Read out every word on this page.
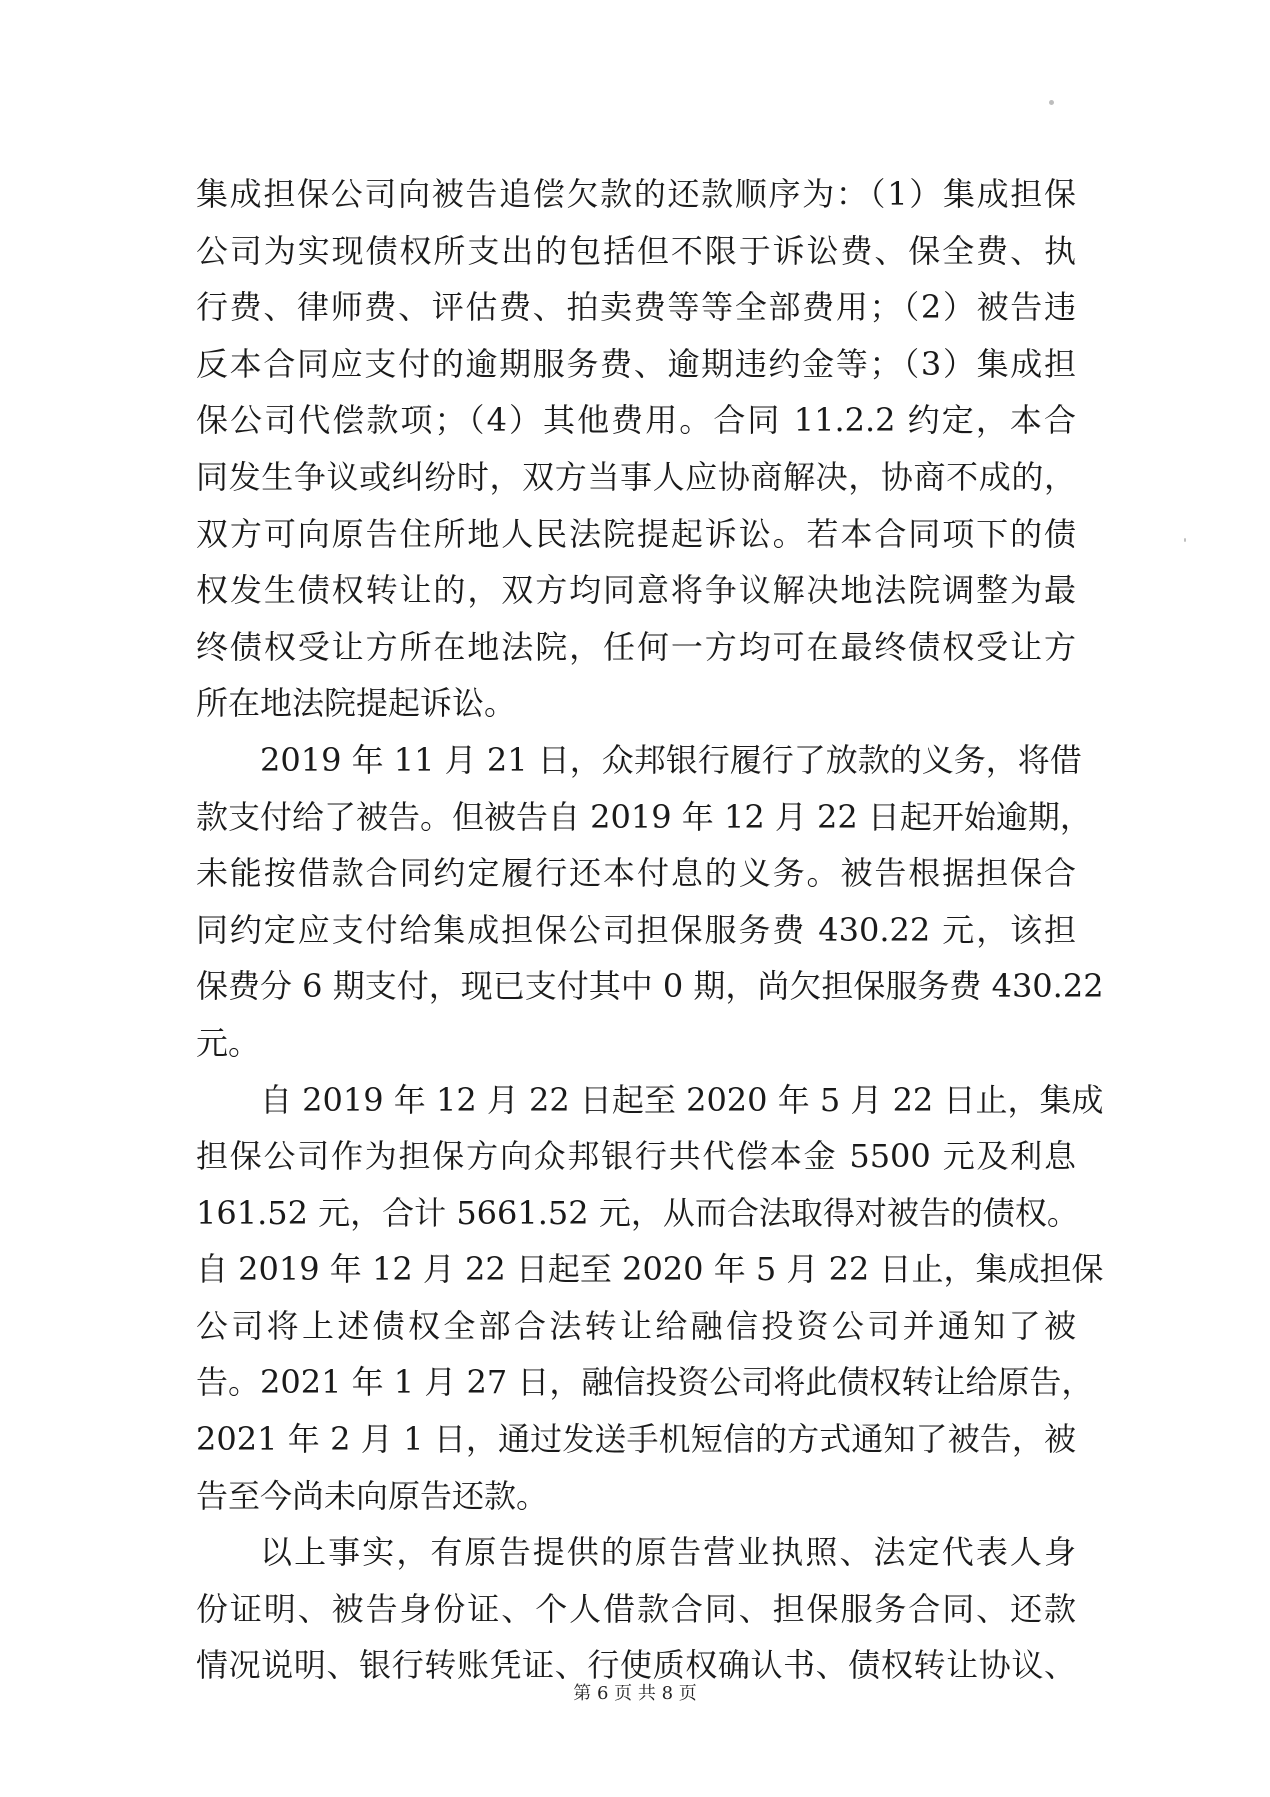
集成担保公司向被告追偿欠款的还款顺序为：（1）集成担保
公司为实现债权所支出的包括但不限于诉讼费、保全费、执
行费、律师费、评估费、拍卖费等等全部费用；（2）被告违
反本合同应支付的逾期服务费、逾期违约金等；（3）集成担
保公司代偿款项；（4）其他费用。合同 11.2.2 约定，本合
同发生争议或纠纷时，双方当事人应协商解决，协商不成的，
双方可向原告住所地人民法院提起诉讼。若本合同项下的债
权发生债权转让的，双方均同意将争议解决地法院调整为最
终债权受让方所在地法院，任何一方均可在最终债权受让方
所在地法院提起诉讼。
2019 年 11 月 21 日，众邦银行履行了放款的义务，将借
款支付给了被告。但被告自 2019 年 12 月 22 日起开始逾期，
未能按借款合同约定履行还本付息的义务。被告根据担保合
同约定应支付给集成担保公司担保服务费 430.22 元，该担
保费分 6 期支付，现已支付其中 0 期，尚欠担保服务费 430.22
元。
自 2019 年 12 月 22 日起至 2020 年 5 月 22 日止，集成
担保公司作为担保方向众邦银行共代偿本金 5500 元及利息
161.52 元，合计 5661.52 元，从而合法取得对被告的债权。
自 2019 年 12 月 22 日起至 2020 年 5 月 22 日止，集成担保
公司将上述债权全部合法转让给融信投资公司并通知了被
告。2021 年 1 月 27 日，融信投资公司将此债权转让给原告，
2021 年 2 月 1 日，通过发送手机短信的方式通知了被告，被
告至今尚未向原告还款。
以上事实，有原告提供的原告营业执照、法定代表人身
份证明、被告身份证、个人借款合同、担保服务合同、还款
情况说明、银行转账凭证、行使质权确认书、债权转让协议、
第 6 页 共 8 页
